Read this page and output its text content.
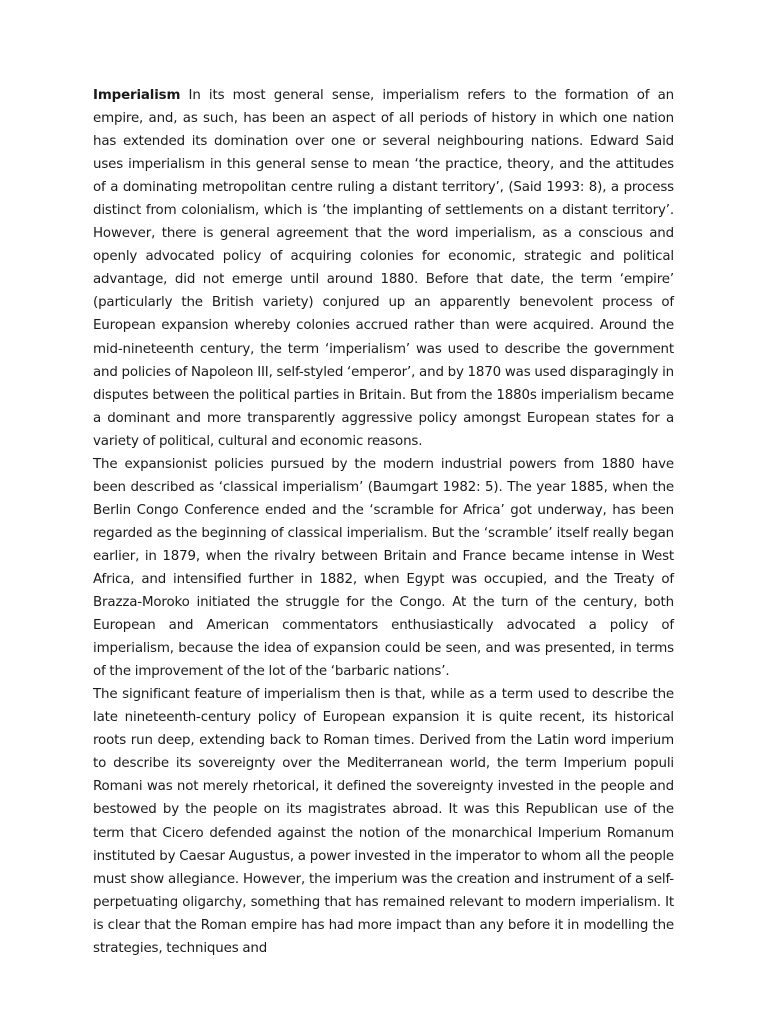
Imperialism In its most general sense, imperialism refers to the formation of an empire, and, as such, has been an aspect of all periods of history in which one nation has extended its domination over one or several neighbouring nations. Edward Said uses imperialism in this general sense to mean ‘the practice, theory, and the attitudes of a dominating metropolitan centre ruling a distant territory’, (Said 1993: 8), a process distinct from colonialism, which is ‘the implanting of settlements on a distant territory’. However, there is general agreement that the word imperialism, as a conscious and openly advocated policy of acquiring colonies for economic, strategic and political advantage, did not emerge until around 1880. Before that date, the term ‘empire’ (particularly the British variety) conjured up an apparently benevolent process of European expansion whereby colonies accrued rather than were acquired. Around the mid-nineteenth century, the term ‘imperialism’ was used to describe the government and policies of Napoleon III, self-styled ‘emperor’, and by 1870 was used disparagingly in disputes between the political parties in Britain. But from the 1880s imperialism became a dominant and more transparently aggressive policy amongst European states for a variety of political, cultural and economic reasons.

The expansionist policies pursued by the modern industrial powers from 1880 have been described as ‘classical imperialism’ (Baumgart 1982: 5). The year 1885, when the Berlin Congo Conference ended and the ‘scramble for Africa’ got underway, has been regarded as the beginning of classical imperialism. But the ‘scramble’ itself really began earlier, in 1879, when the rivalry between Britain and France became intense in West Africa, and intensified further in 1882, when Egypt was occupied, and the Treaty of Brazza-Moroko initiated the struggle for the Congo. At the turn of the century, both European and American commentators enthusiastically advocated a policy of imperialism, because the idea of expansion could be seen, and was presented, in terms of the improvement of the lot of the ‘barbaric nations’.

The significant feature of imperialism then is that, while as a term used to describe the late nineteenth-century policy of European expansion it is quite recent, its historical roots run deep, extending back to Roman times. Derived from the Latin word imperium to describe its sovereignty over the Mediterranean world, the term Imperium populi Romani was not merely rhetorical, it defined the sovereignty invested in the people and bestowed by the people on its magistrates abroad. It was this Republican use of the term that Cicero defended against the notion of the monarchical Imperium Romanum instituted by Caesar Augustus, a power invested in the imperator to whom all the people must show allegiance. However, the imperium was the creation and instrument of a self-perpetuating oligarchy, something that has remained relevant to modern imperialism. It is clear that the Roman empire has had more impact than any before it in modelling the strategies, techniques and
